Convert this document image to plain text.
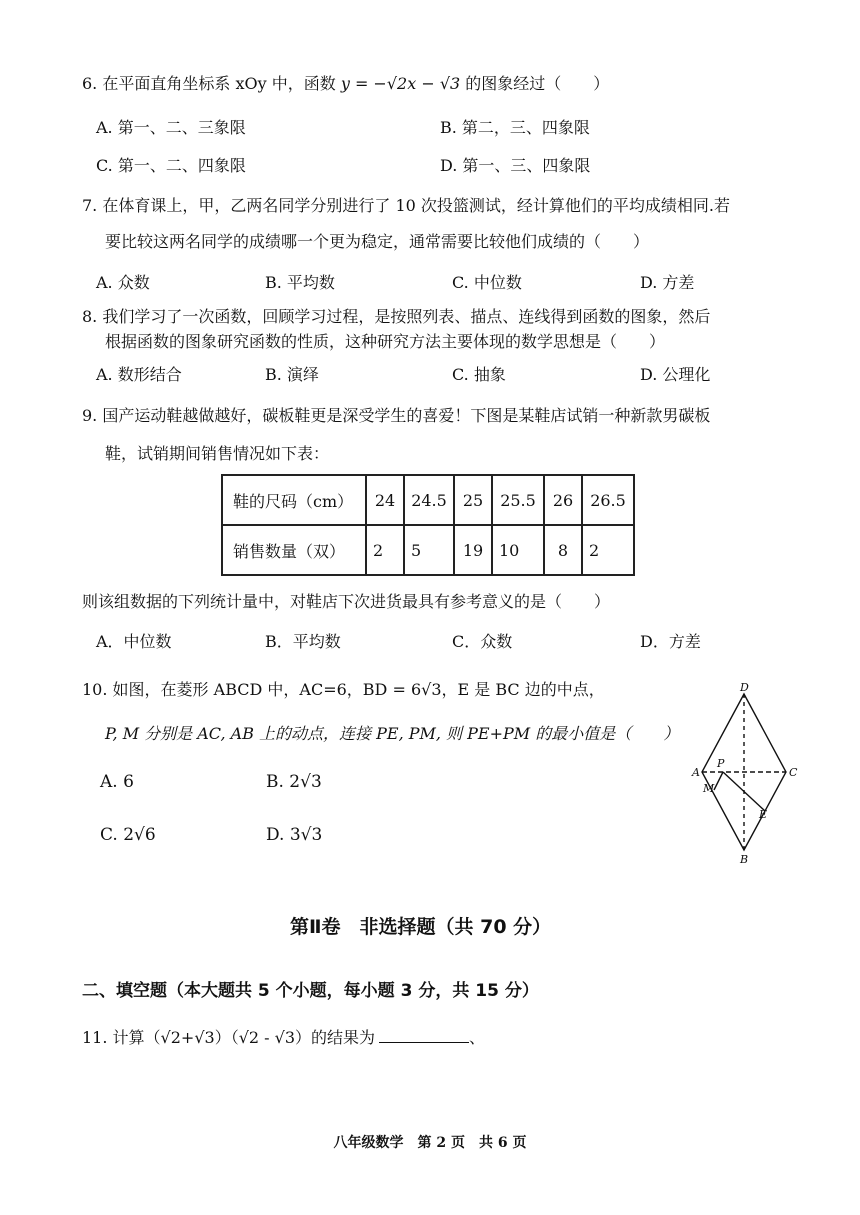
6. 在平面直角坐标系 xOy 中，函数 y = −√2x − √3 的图象经过（　　）
A. 第一、二、三象限	B. 第二，三、四象限
C. 第一、二、四象限	D. 第一、三、四象限
7. 在体育课上，甲，乙两名同学分别进行了 10 次投篮测试，经计算他们的平均成绩相同.若
要比较这两名同学的成绩哪一个更为稳定，通常需要比较他们成绩的（　　）
A. 众数	B. 平均数	C. 中位数	D. 方差
8. 我们学习了一次函数，回顾学习过程，是按照列表、描点、连线得到函数的图象，然后
根据函数的图象研究函数的性质，这种研究方法主要体现的数学思想是（　　）
A. 数形结合	B. 演绎	C. 抽象	D. 公理化
9. 国产运动鞋越做越好，碳板鞋更是深受学生的喜爱！下图是某鞋店试销一种新款男碳板
鞋，试销期间销售情况如下表：
鞋的尺码（cm）	24	24.5	25	25.5	26	26.5
销售数量（双）	2	5	19	10	8	2
则该组数据的下列统计量中，对鞋店下次进货最具有参考意义的是（　　）
A．中位数	B．平均数	C．众数	D．方差
10. 如图，在菱形 ABCD 中，AC=6，BD = 6√3，E 是 BC 边的中点，
P, M 分别是 AC, AB 上的动点，连接 PE, PM, 则 PE+PM 的最小值是（　　）
A. 6	B. 2√3
C. 2√6	D. 3√3
D
A
P
C
M
E
B
第Ⅱ卷　非选择题（共 70 分）
二、填空题（本大题共 5 个小题，每小题 3 分，共 15 分）
11. 计算（√2+√3）（√2 - √3）的结果为	、
八年级数学　第 2 页　共 6 页
